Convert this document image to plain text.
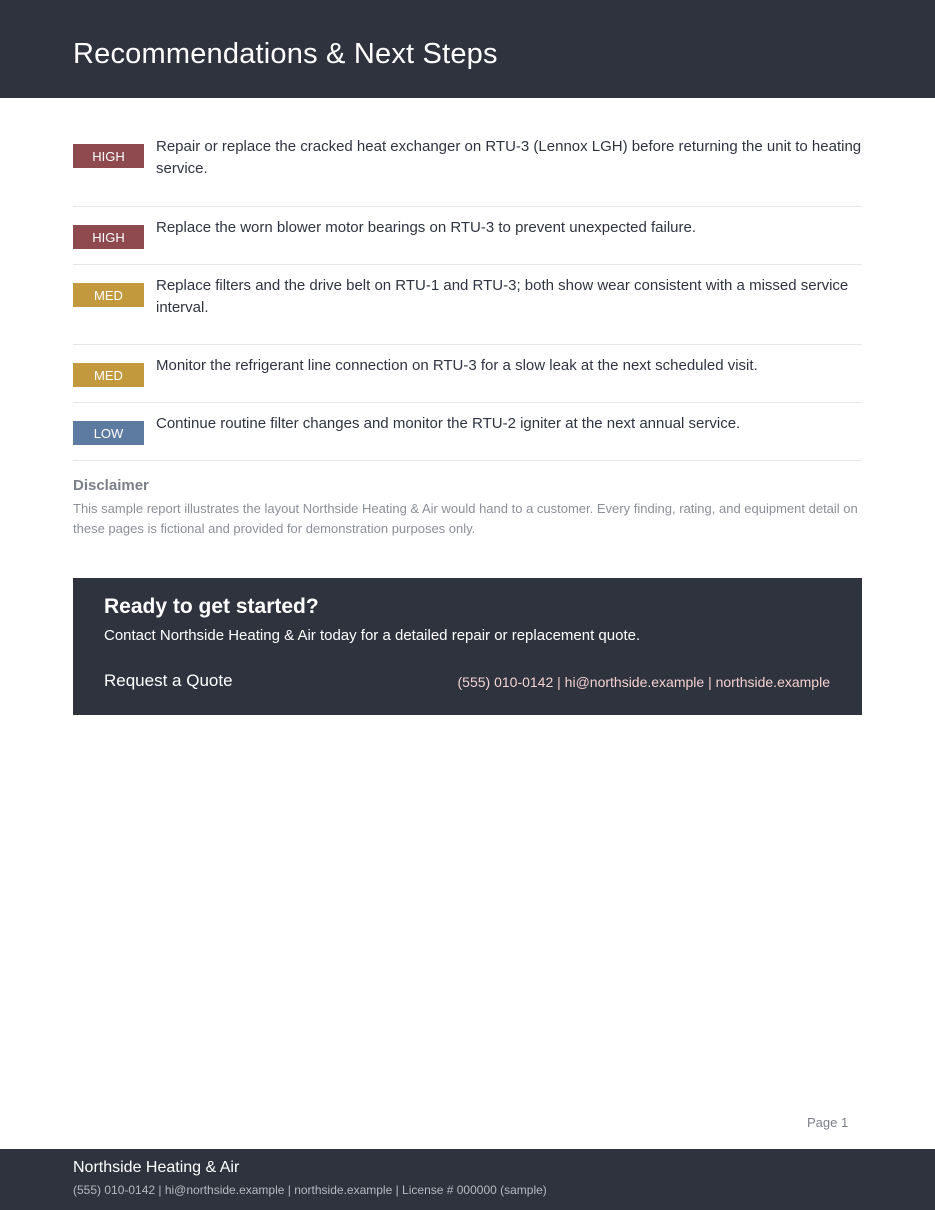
Recommendations & Next Steps
HIGH

Repair or replace the cracked heat exchanger on RTU-3 (Lennox LGH) before returning the unit to heating service.

HIGH

Replace the worn blower motor bearings on RTU-3 to prevent unexpected failure.

MED

Replace filters and the drive belt on RTU-1 and RTU-3; both show wear consistent with a missed service interval.

MED

Monitor the refrigerant line connection on RTU-3 for a slow leak at the next scheduled visit.

LOW

Continue routine filter changes and monitor the RTU-2 igniter at the next annual service.

Disclaimer

This sample report illustrates the layout Northside Heating & Air would hand to a customer. Every finding, rating, and equipment detail on these pages is fictional and provided for demonstration purposes only.

Ready to get started?

Contact Northside Heating & Air today for a detailed repair or replacement quote.

Request a Quote	(555) 010-0142 | hi@northside.example | northside.example
Page 1
Northside Heating & Air
(555) 010-0142 | hi@northside.example | northside.example | License # 000000 (sample)
